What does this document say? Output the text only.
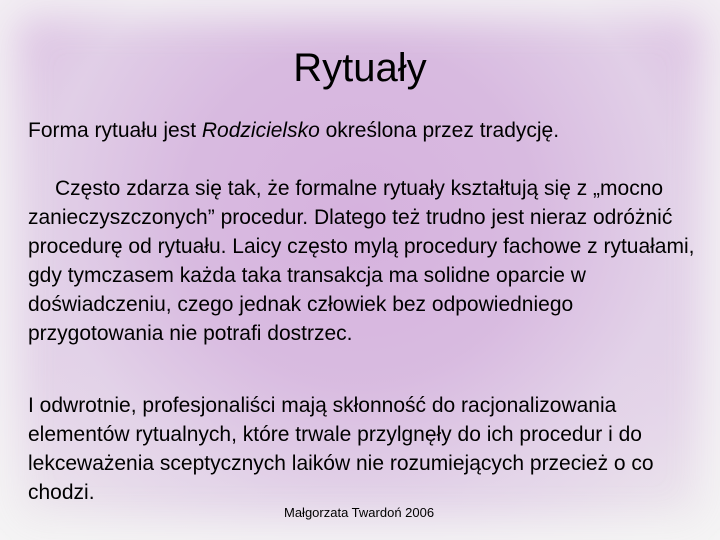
Rytuały

Forma rytuału jest Rodzicielsko określona przez tradycję.

Często zdarza się tak, że formalne rytuały kształtują się z „mocno zanieczyszczonych” procedur. Dlatego też trudno jest nieraz odróżnić procedurę od rytuału. Laicy często mylą procedury fachowe z rytuałami, gdy tymczasem każda taka transakcja ma solidne oparcie w doświadczeniu, czego jednak człowiek bez odpowiedniego przygotowania nie potrafi dostrzec.

I odwrotnie, profesjonaliści mają skłonność do racjonalizowania elementów rytualnych, które trwale przylgnęły do ich procedur i do lekceważenia sceptycznych laików nie rozumiejących przecież o co chodzi.

Małgorzata Twardoń 2006
